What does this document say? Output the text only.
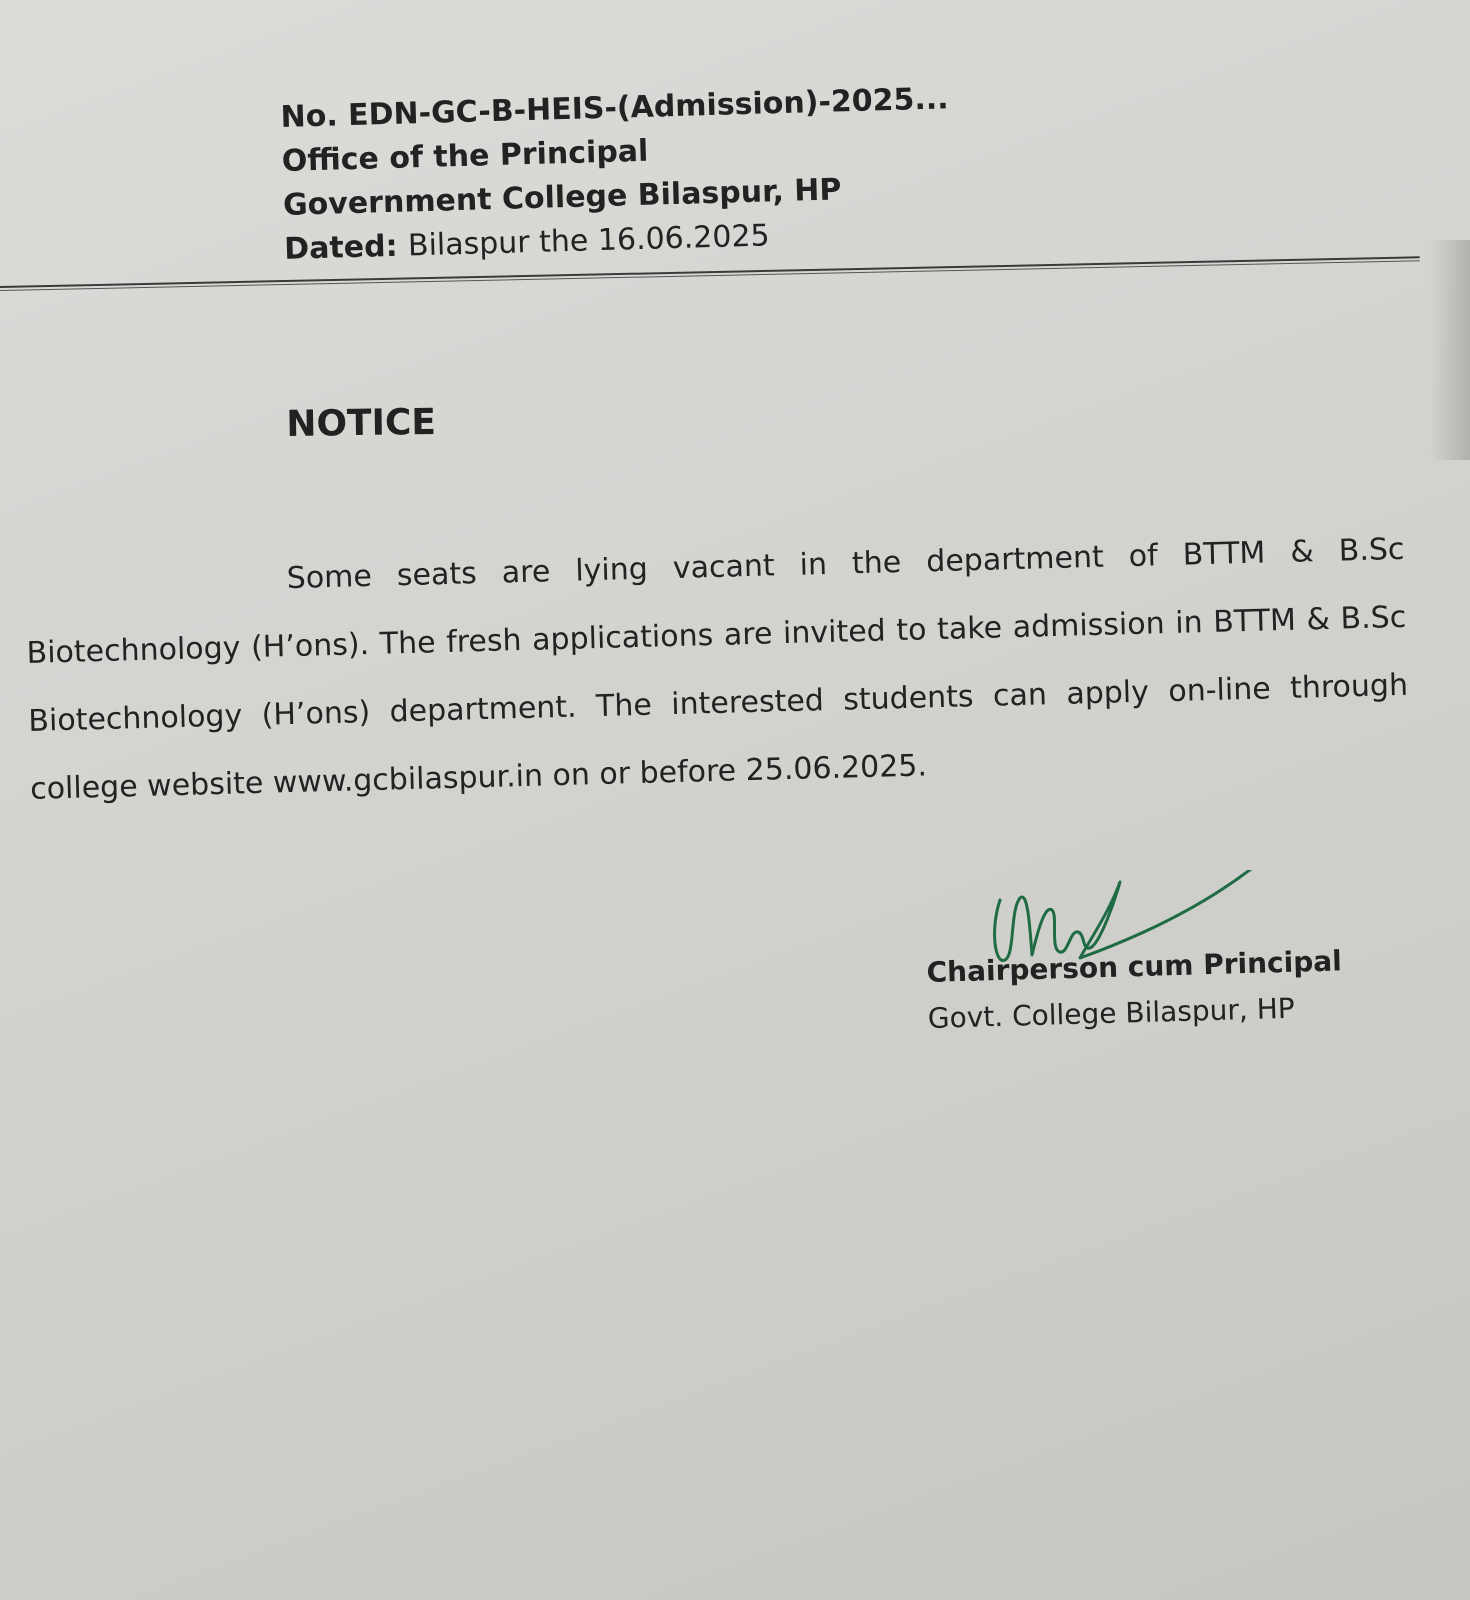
No. EDN-GC-B-HEIS-(Admission)-2025...
Office of the Principal
Government College Bilaspur, HP
Dated: Bilaspur the 16.06.2025
NOTICE

Some seats are lying vacant in the department of BTTM & B.Sc Biotechnology (H’ons). The fresh applications are invited to take admission in BTTM & B.Sc Biotechnology (H’ons) department. The interested students can apply on-line through college website www.gcbilaspur.in on or before 25.06.2025.

Chairperson cum Principal
Govt. College Bilaspur, HP
